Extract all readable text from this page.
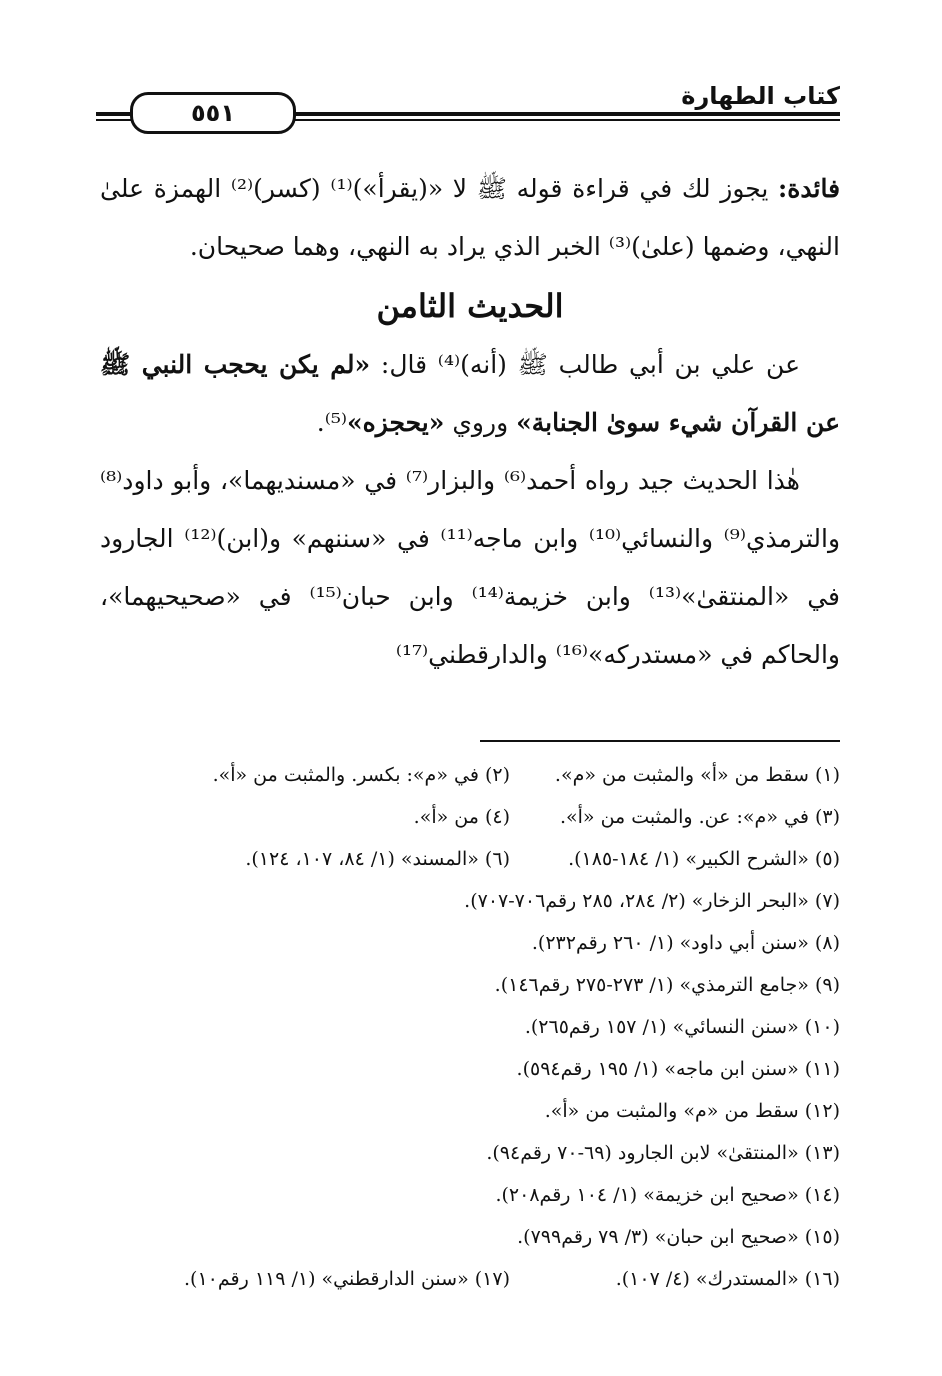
٥٥١
كتاب الطهارة

فائدة: يجوز لك في قراءة قوله ﷺ لا «(يقرأ»)⁽¹⁾ (كسر)⁽²⁾ الهمزة علىٰ النهي، وضمها (علىٰ)⁽³⁾ الخبر الذي يراد به النهي، وهما صحيحان.

الحديث الثامن

عن علي بن أبي طالب ﷺ (أنه)⁽⁴⁾ قال: «لم يكن يحجب النبي ﷺ عن القرآن شيء سوىٰ الجنابة» وروي «يحجزه»⁽⁵⁾.

هٰذا الحديث جيد رواه أحمد⁽⁶⁾ والبزار⁽⁷⁾ في «مسنديهما»، وأبو داود⁽⁸⁾ والترمذي⁽⁹⁾ والنسائي⁽¹⁰⁾ وابن ماجه⁽¹¹⁾ في «سننهم» و(ابن)⁽¹²⁾ الجارود في «المنتقىٰ»⁽¹³⁾ وابن خزيمة⁽¹⁴⁾ وابن حبان⁽¹⁵⁾ في «صحيحيهما»، والحاكم في «مستدركه»⁽¹⁶⁾ والدارقطني⁽¹⁷⁾

(١) سقط من «أ» والمثبت من «م».
(٢) في «م»: بكسر. والمثبت من «أ».
(٣) في «م»: عن. والمثبت من «أ».
(٤) من «أ».
(٥) «الشرح الكبير» (١/ ١٨٤-١٨٥).
(٦) «المسند» (١/ ٨٤، ١٠٧، ١٢٤).
(٧) «البحر الزخار» (٢/ ٢٨٤، ٢٨٥ رقم٧٠٦-٧٠٧).
(٨) «سنن أبي داود» (١/ ٢٦٠ رقم٢٣٢).
(٩) «جامع الترمذي» (١/ ٢٧٣-٢٧٥ رقم١٤٦).
(١٠) «سنن النسائي» (١/ ١٥٧ رقم٢٦٥).
(١١) «سنن ابن ماجه» (١/ ١٩٥ رقم٥٩٤).
(١٢) سقط من «م» والمثبت من «أ».
(١٣) «المنتقىٰ» لابن الجارود (٦٩-٧٠ رقم٩٤).
(١٤) «صحيح ابن خزيمة» (١/ ١٠٤ رقم٢٠٨).
(١٥) «صحيح ابن حبان» (٣/ ٧٩ رقم٧٩٩).
(١٦) «المستدرك» (٤/ ١٠٧).
(١٧) «سنن الدارقطني» (١/ ١١٩ رقم١٠).
